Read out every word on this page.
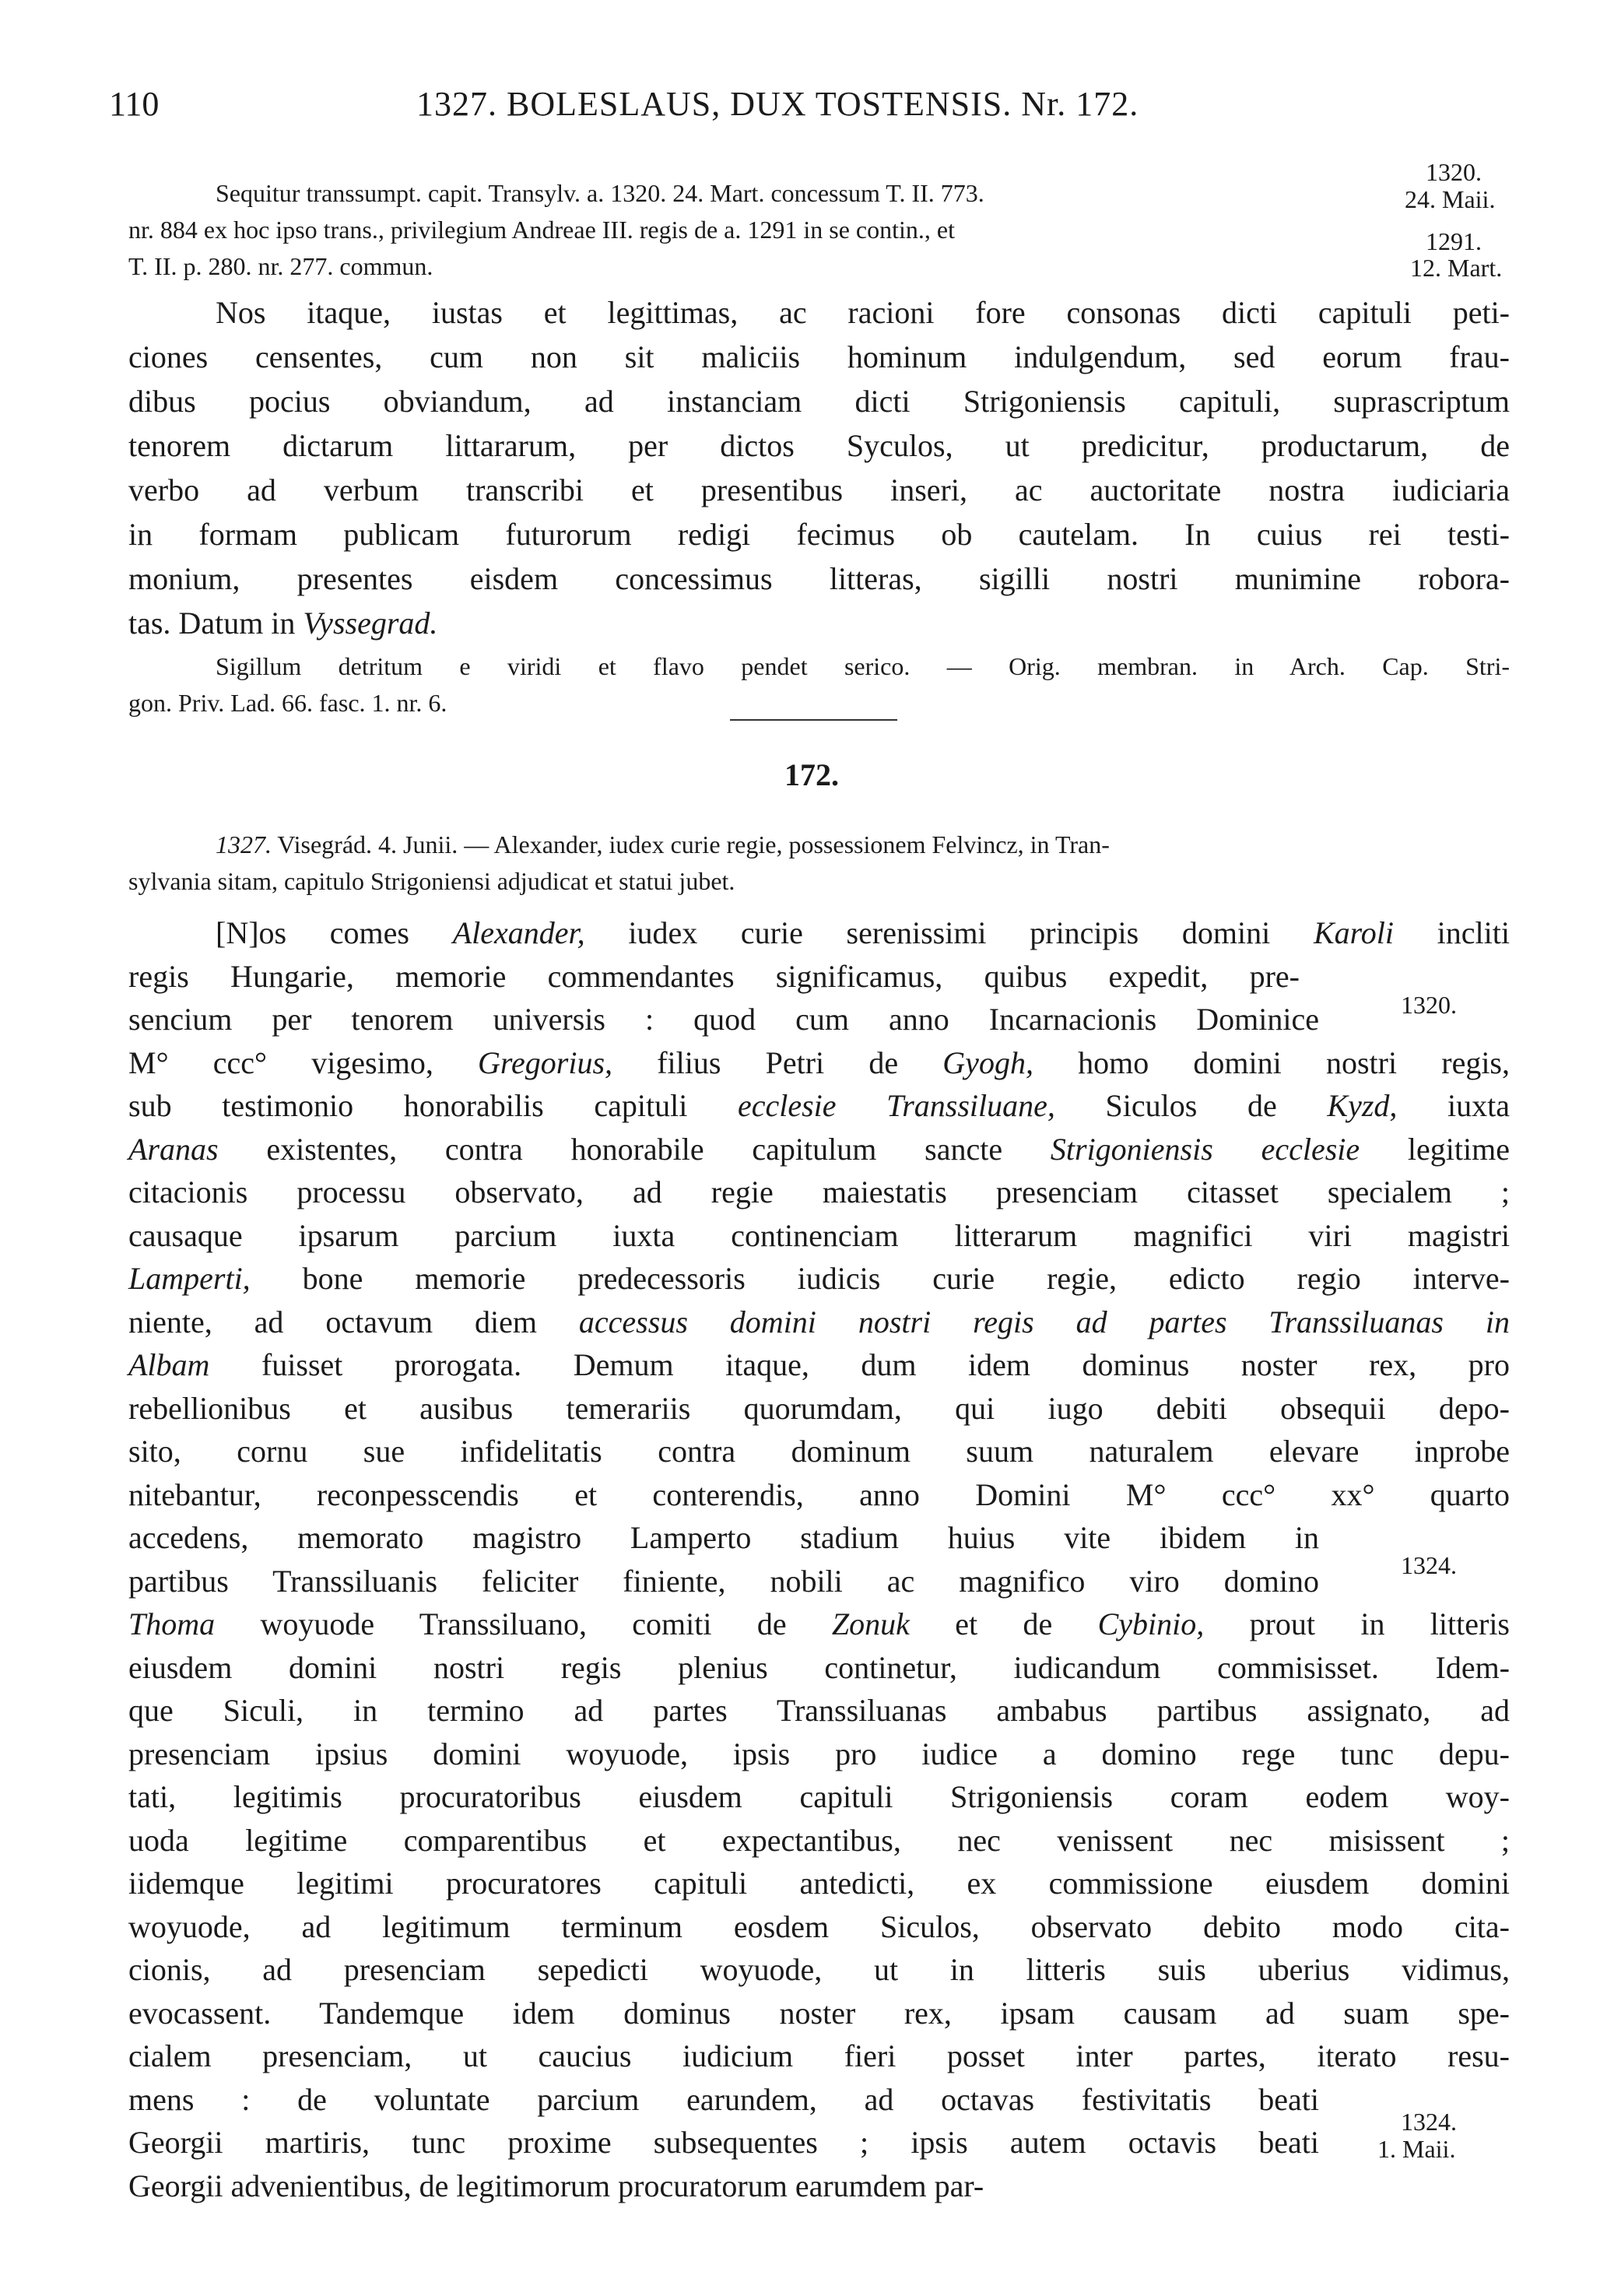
110	1327. BOLESLAUS, DUX TOSTENSIS. Nr. 172.
Sequitur transsumpt. capit. Transylv. a. 1320. 24. Mart. concessum T. II. 773.
nr. 884 ex hoc ipso trans., privilegium Andreae III. regis de a. 1291 in se contin., et
T. II. p. 280. nr. 277. commun.
1320.
24. Maii.
1291.
12. Mart.
Nos itaque, iustas et legittimas, ac racioni fore consonas dicti capituli peti-
ciones censentes, cum non sit maliciis hominum indulgendum, sed eorum frau-
dibus pocius obviandum, ad instanciam dicti Strigoniensis capituli, suprascriptum
tenorem dictarum littararum, per dictos Syculos, ut predicitur, productarum, de
verbo ad verbum transcribi et presentibus inseri, ac auctoritate nostra iudiciaria
in formam publicam futurorum redigi fecimus ob cautelam. In cuius rei testi-
monium, presentes eisdem concessimus litteras, sigilli nostri munimine robora-
tas. Datum in Vyssegrad.
Sigillum detritum e viridi et flavo pendet serico. — Orig. membran. in Arch. Cap. Stri-
gon. Priv. Lad. 66. fasc. 1. nr. 6.
172.
1327. Visegrád. 4. Junii. — Alexander, iudex curie regie, possessionem Felvincz, in Tran-
sylvania sitam, capitulo Strigoniensi adjudicat et statui jubet.
[N]os comes Alexander, iudex curie serenissimi principis domini Karoli incliti
regis Hungarie, memorie commendantes significamus, quibus expedit, pre-
sencium per tenorem universis : quod cum anno Incarnacionis Dominice
M° ccc° vigesimo, Gregorius, filius Petri de Gyogh, homo domini nostri regis,
sub testimonio honorabilis capituli ecclesie Transsiluane, Siculos de Kyzd, iuxta
Aranas existentes, contra honorabile capitulum sancte Strigoniensis ecclesie legitime
citacionis processu observato, ad regie maiestatis presenciam citasset specialem ;
causaque ipsarum parcium iuxta continenciam litterarum magnifici viri magistri
Lamperti, bone memorie predecessoris iudicis curie regie, edicto regio interve-
niente, ad octavum diem accessus domini nostri regis ad partes Transsiluanas in
Albam fuisset prorogata. Demum itaque, dum idem dominus noster rex, pro
rebellionibus et ausibus temerariis quorumdam, qui iugo debiti obsequii depo-
sito, cornu sue infidelitatis contra dominum suum naturalem elevare inprobe
nitebantur, reconpesscendis et conterendis, anno Domini M° ccc° xx° quarto
accedens, memorato magistro Lamperto stadium huius vite ibidem in
partibus Transsiluanis feliciter finiente, nobili ac magnifico viro domino
Thoma woyuode Transsiluano, comiti de Zonuk et de Cybinio, prout in litteris
eiusdem domini nostri regis plenius continetur, iudicandum commisisset. Idem-
que Siculi, in termino ad partes Transsiluanas ambabus partibus assignato, ad
presenciam ipsius domini woyuode, ipsis pro iudice a domino rege tunc depu-
tati, legitimis procuratoribus eiusdem capituli Strigoniensis coram eodem woy-
uoda legitime comparentibus et expectantibus, nec venissent nec misissent ;
iidemque legitimi procuratores capituli antedicti, ex commissione eiusdem domini
woyuode, ad legitimum terminum eosdem Siculos, observato debito modo cita-
cionis, ad presenciam sepedicti woyuode, ut in litteris suis uberius vidimus,
evocassent. Tandemque idem dominus noster rex, ipsam causam ad suam spe-
cialem presenciam, ut caucius iudicium fieri posset inter partes, iterato resu-
mens : de voluntate parcium earundem, ad octavas festivitatis beati
Georgii martiris, tunc proxime subsequentes ; ipsis autem octavis beati
Georgii advenientibus, de legitimorum procuratorum earumdem par-
1320.
1324.
1324.
1. Maii.
